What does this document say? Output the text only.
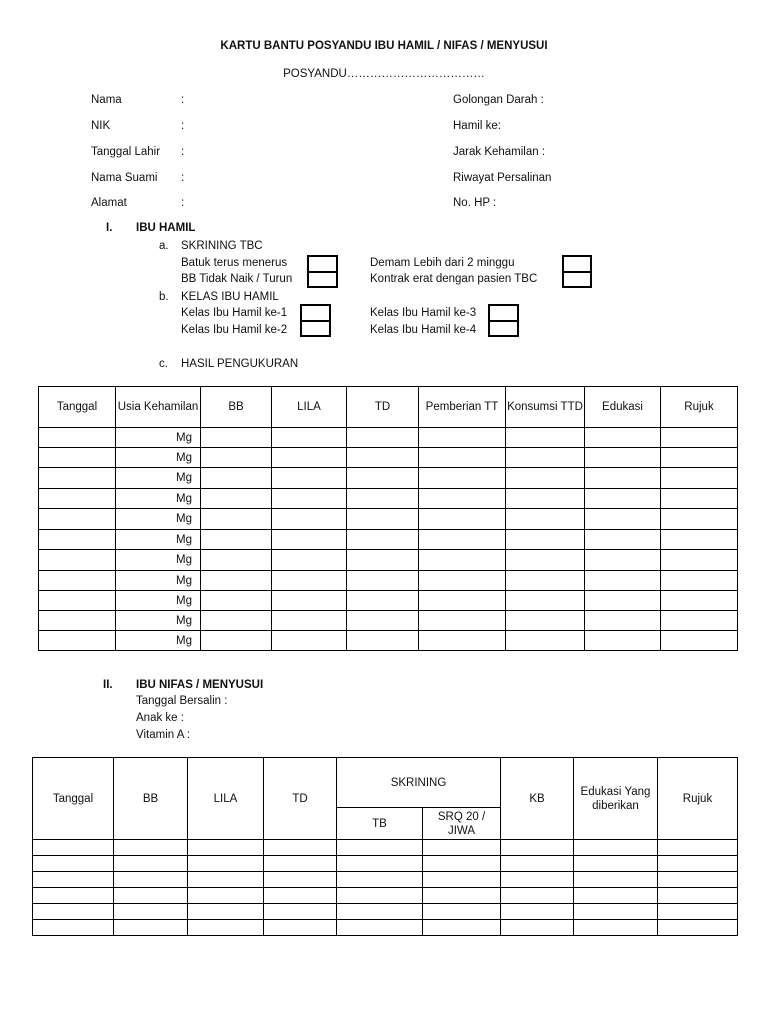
KARTU BANTU POSYANDU IBU HAMIL / NIFAS / MENYUSUI
POSYANDU………………………………
Nama	:
NIK	:
Tanggal Lahir :
Nama Suami :
Alamat	:
Golongan Darah :
Hamil ke:
Jarak Kehamilan :
Riwayat Persalinan
No. HP :
I. IBU HAMIL
a. SKRINING TBC
Batuk terus menerus
BB Tidak Naik / Turun
Demam Lebih dari 2 minggu
Kontrak erat dengan pasien TBC
b. KELAS IBU HAMIL
Kelas Ibu Hamil ke-1
Kelas Ibu Hamil ke-2
Kelas Ibu Hamil ke-3
Kelas Ibu Hamil ke-4
c. HASIL PENGUKURAN
Tanggal	Usia Kehamilan	BB	LILA	TD	Pemberian TT	Konsumsi TTD	Edukasi	Rujuk
	Mg							
	Mg							
	Mg							
	Mg							
	Mg							
	Mg							
	Mg							
	Mg							
	Mg							
	Mg							
	Mg							
II. IBU NIFAS / MENYUSUI
Tanggal Bersalin :
Anak ke :
Vitamin A :
Tanggal	BB	LILA	TD	SKRINING		KB	Edukasi Yang diberikan	Rujuk
				TB	SRQ 20 / JIWA			
